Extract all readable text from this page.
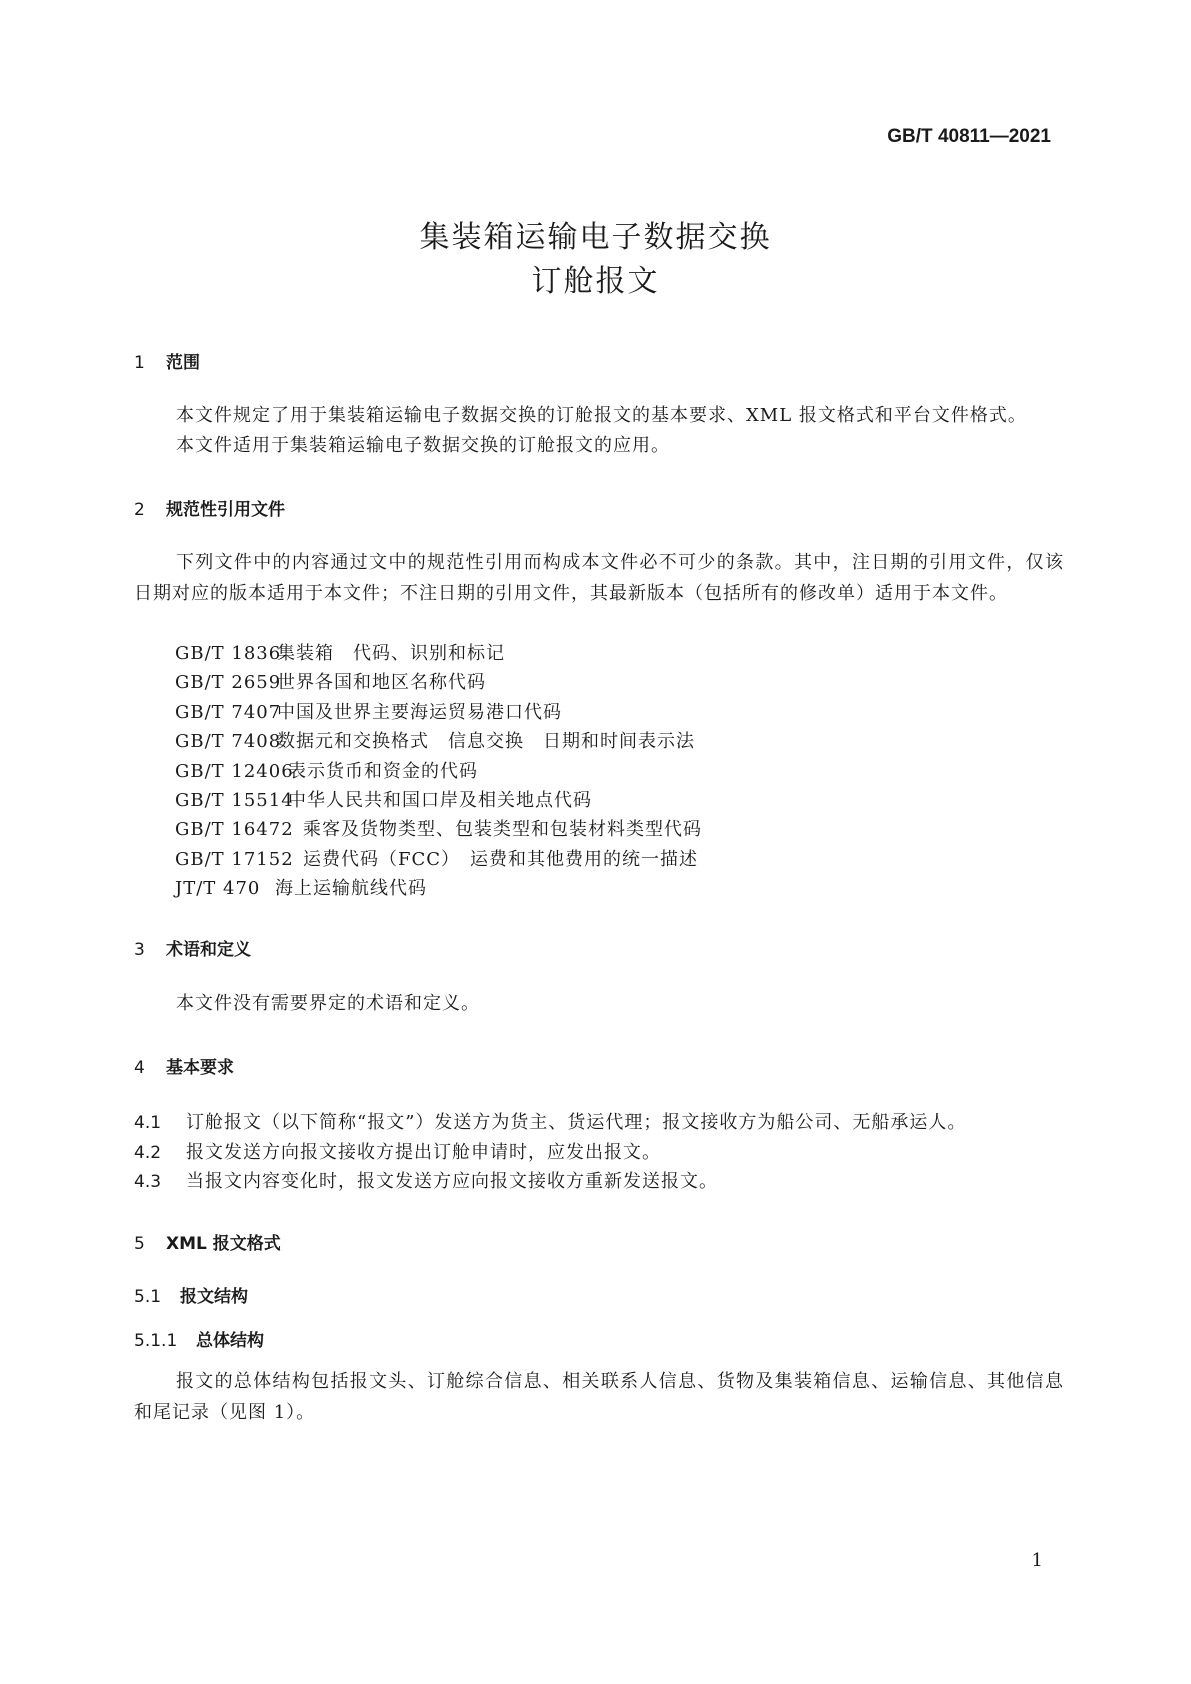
GB/T 40811—2021
集装箱运输电子数据交换
订舱报文
1 范围
本文件规定了用于集装箱运输电子数据交换的订舱报文的基本要求、XML 报文格式和平台文件格式。
本文件适用于集装箱运输电子数据交换的订舱报文的应用。
2 规范性引用文件
下列文件中的内容通过文中的规范性引用而构成本文件必不可少的条款。其中，注日期的引用文件，仅该日期对应的版本适用于本文件；不注日期的引用文件，其最新版本（包括所有的修改单）适用于本文件。
GB/T 1836集装箱　代码、识别和标记
GB/T 2659世界各国和地区名称代码
GB/T 7407中国及世界主要海运贸易港口代码
GB/T 7408数据元和交换格式　信息交换　日期和时间表示法
GB/T 12406表示货币和资金的代码
GB/T 15514中华人民共和国口岸及相关地点代码
GB/T 16472 乘客及货物类型、包装类型和包装材料类型代码
GB/T 17152 运费代码（FCC）　运费和其他费用的统一描述
JT/T 470 海上运输航线代码
3 术语和定义
本文件没有需要界定的术语和定义。
4 基本要求
4.1 订舱报文（以下简称“报文”）发送方为货主、货运代理；报文接收方为船公司、无船承运人。
4.2 报文发送方向报文接收方提出订舱申请时，应发出报文。
4.3 当报文内容变化时，报文发送方应向报文接收方重新发送报文。
5 XML 报文格式
5.1 报文结构
5.1.1 总体结构
报文的总体结构包括报文头、订舱综合信息、相关联系人信息、货物及集装箱信息、运输信息、其他信息和尾记录（见图 1）。
1
